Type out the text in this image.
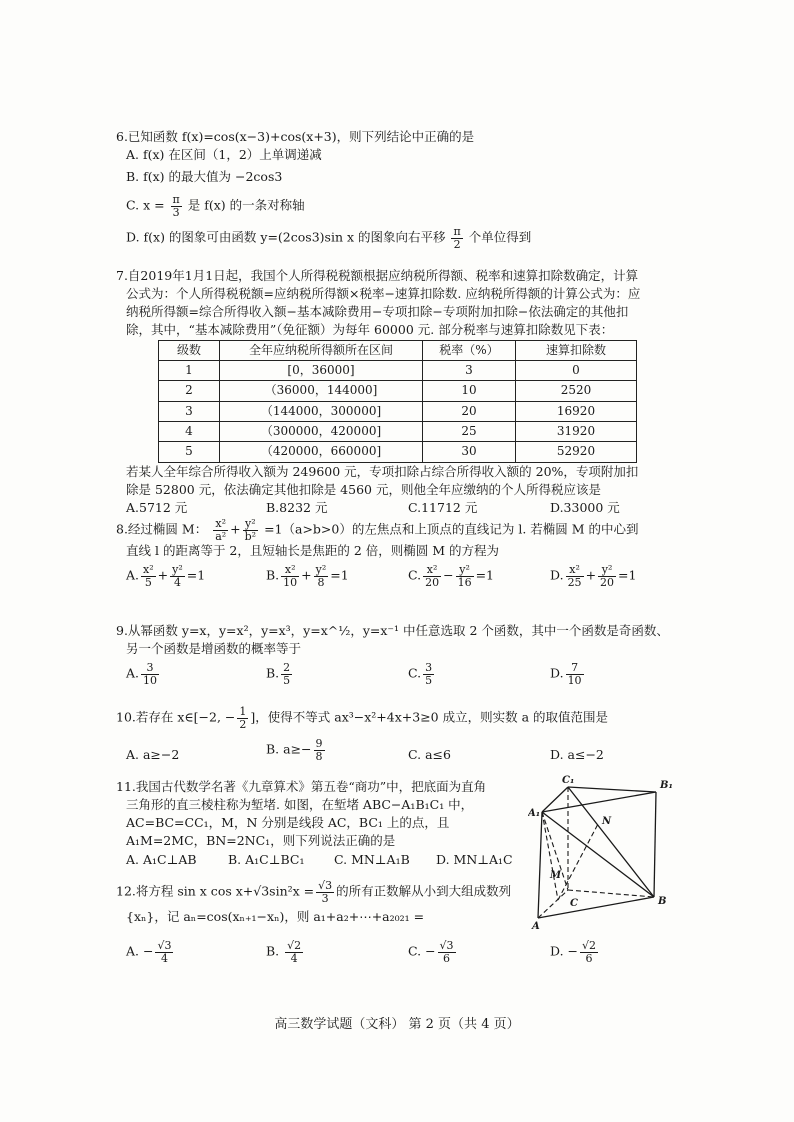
6.已知函数 f(x)=cos(x−3)+cos(x+3)，则下列结论中正确的是
A. f(x) 在区间（1，2）上单调递减
B. f(x) 的最大值为 −2cos3
C. $x = \frac{\pi}{3}$ 是 f(x) 的一条对称轴
D. f(x) 的图象可由函数 y=(2cos3)sin x 的图象向右平移 $\frac{\pi}{2}$ 个单位得到
7.自2019年1月1日起，我国个人所得税税额根据应纳税所得额、税率和速算扣除数确定，计算
公式为：个人所得税税额=应纳税所得额×税率−速算扣除数. 应纳税所得额的计算公式为：应
纳税所得额=综合所得收入额−基本减除费用−专项扣除−专项附加扣除−依法确定的其他扣
除，其中，“基本减除费用”（免征额）为每年 60000 元. 部分税率与速算扣除数见下表：
级数	全年应纳税所得额所在区间	税率（%）	速算扣除数
1	[0，36000]	3	0
2	（36000，144000]	10	2520
3	（144000，300000]	20	16920
4	（300000，420000]	25	31920
5	（420000，660000]	30	52920
若某人全年综合所得收入额为 249600 元，专项扣除占综合所得收入额的 20%，专项附加扣
除是 52800 元，依法确定其他扣除是 4560 元，则他全年应缴纳的个人所得税应该是
A.5712 元	B.8232 元	C.11712 元	D.33000 元
8.经过椭圆 M： $\frac{\text{x²}}{\text{a²}} + \frac{\text{y²}}{\text{b²}} =1(a>b>0)$的左焦点和上顶点的直线记为 l. 若椭圆 M 的中心到
直线 l 的距离等于 2，且短轴长是焦距的 2 倍，则椭圆 M 的方程为
A. $\frac{\text{x²}}{5} + \frac{\text{y²}}{4} =1$	B. $\frac{\text{x²}}{10} + \frac{\text{y²}}{8} =1$	C. $\frac{\text{x²}}{20} - \frac{\text{y²}}{16} =1$	D. $\frac{\text{x²}}{25} + \frac{\text{y²}}{20} =1$
9.从幂函数 y=x，y=x²，y=x³，y=x^½，y=x⁻¹ 中任意选取 2 个函数，其中一个函数是奇函数、
另一个函数是增函数的概率等于
A. $\frac{3}{10}$	B. $\frac{2}{5}$	C. $\frac{3}{5}$	D. $\frac{7}{10}$
10.若存在 x∈[−2, − $\frac{1}{2}$ ]，使得不等式 ax³−x²+4x+3≥0 成立，则实数 a 的取值范围是
A. a≥−2	B. $a\ge- \frac{9}{8}$	C. a≤6	D. a≤−2
11.我国古代数学名著《九章算术》第五卷“商功”中，把底面为直角
三角形的直三棱柱称为堑堵. 如图，在堑堵 ABC−A₁B₁C₁ 中，
AC=BC=CC₁，M，N 分别是线段 AC，BC₁ 上的点，且
A₁M=2MC，BN=2NC₁，则下列说法正确的是
A. A₁C⊥AB	B. A₁C⊥BC₁ C. MN⊥A₁B D. MN⊥A₁C
C₁	B₁
A₁
N
M
C	B
A
12.将方程 sin x $\cos x+√3\sin^2x = \frac{√3}{3}$ 的所有正数解从小到大组成数列
{xₙ}，记 aₙ=cos(xₙ₊₁−xₙ)，则 a₁+a₂+⋯+a₂₀₂₁ =
A. − $\frac{√3}{4}$	B. $\frac{√2}{4}$	C. − $\frac{√3}{6}$	D. − $\frac{√2}{6}$
高三数学试题（文科） 第 2 页（共 4 页）
